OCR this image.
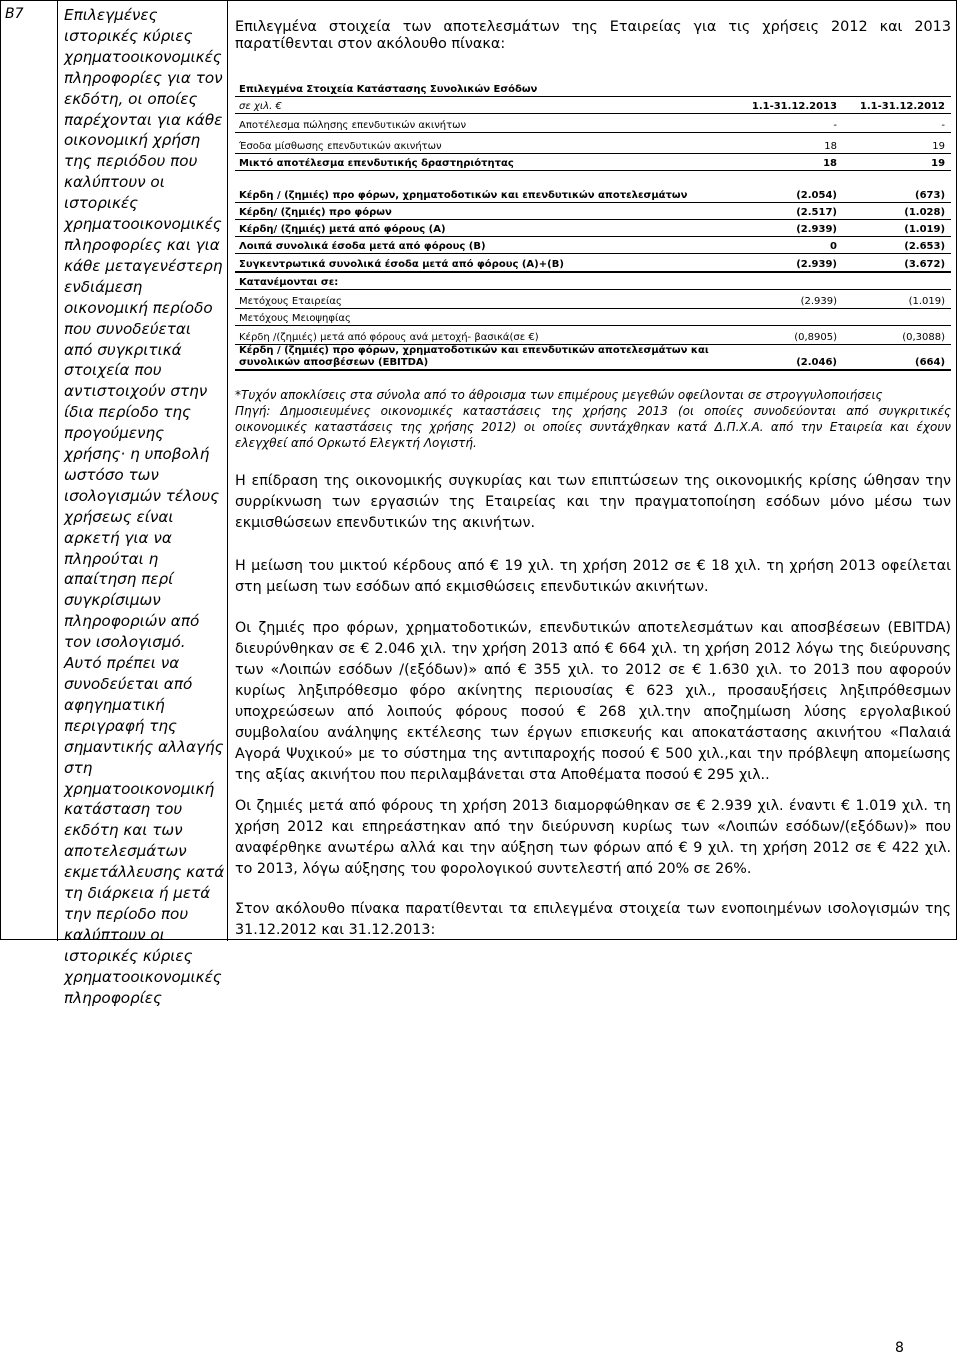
B7	Επιλεγμένες
ιστορικές κύριες
χρηματοοικονομικές
πληροφορίες για τον
εκδότη, οι οποίες
παρέχονται για κάθε
οικονομική χρήση
της περιόδου που
καλύπτουν οι
ιστορικές
χρηματοοικονομικές
πληροφορίες και για
κάθε μεταγενέστερη
ενδιάμεση
οικονομική περίοδο
που συνοδεύεται
από συγκριτικά
στοιχεία που
αντιστοιχούν στην
ίδια περίοδο της
προγούμενης
χρήσης· η υποβολή
ωστόσο των
ισολογισμών τέλους
χρήσεως είναι
αρκετή για να
πληρούται η
απαίτηση περί
συγκρίσιμων
πληροφοριών από
τον ισολογισμό.
Αυτό πρέπει να
συνοδεύεται από
αφηγηματική
περιγραφή της
σημαντικής αλλαγής
στη
χρηματοοικονομική
κατάσταση του
εκδότη και των
αποτελεσμάτων
εκμετάλλευσης κατά
τη διάρκεια ή μετά
την περίοδο που
καλύπτουν οι
ιστορικές κύριες
χρηματοοικονομικές
πληροφορίες

Επιλεγμένα στοιχεία των αποτελεσμάτων της Εταιρείας για τις χρήσεις 2012 και 2013 παρατίθενται στον ακόλουθο πίνακα:
Επιλεγμένα Στοιχεία Κατάστασης Συνολικών Εσόδων		
σε χιλ. €	1.1-31.12.2013	1.1-31.12.2012
Αποτέλεσμα πώλησης επενδυτικών ακινήτων	-	-
Έσοδα μίσθωσης επενδυτικών ακινήτων	18	19
Μικτό αποτέλεσμα επενδυτικής δραστηριότητας	18	19
Κέρδη / (ζημιές) προ φόρων, χρηματοδοτικών και επενδυτικών αποτελεσμάτων	(2.054)	(673)
Κέρδη/ (ζημιές) προ φόρων	(2.517)	(1.028)
Κέρδη/ (ζημιές) μετά από φόρους (Α)	(2.939)	(1.019)
Λοιπά συνολικά έσοδα μετά από φόρους (Β)	0	(2.653)
Συγκεντρωτικά συνολικά έσοδα μετά από φόρους (Α)+(Β)	(2.939)	(3.672)
Κατανέμονται σε:		
Μετόχους Εταιρείας	(2.939)	(1.019)
Μετόχους Μειοψηφίας		
Κέρδη /(ζημιές) μετά από φόρους ανά μετοχή- βασικά(σε €)	(0,8905)	(0,3088)
Κέρδη / (ζημιές) προ φόρων, χρηματοδοτικών και επενδυτικών αποτελεσμάτων και συνολικών αποσβέσεων (EBITDA)	(2.046)	(664)
*Τυχόν αποκλίσεις στα σύνολα από το άθροισμα των επιμέρους μεγεθών οφείλονται σε στρογγυλοποιήσεις
Πηγή: Δημοσιευμένες οικονομικές καταστάσεις της χρήσης 2013 (οι οποίες συνοδεύονται από συγκριτικές οικονομικές καταστάσεις της χρήσης 2012) οι οποίες συντάχθηκαν κατά Δ.Π.Χ.Α. από την Εταιρεία και έχουν ελεγχθεί από Ορκωτό Ελεγκτή Λογιστή.
Η επίδραση της οικονομικής συγκυρίας και των επιπτώσεων της οικονομικής κρίσης ώθησαν την συρρίκνωση των εργασιών της Εταιρείας και την πραγματοποίηση εσόδων μόνο μέσω των εκμισθώσεων επενδυτικών της ακινήτων.
Η μείωση του μικτού κέρδους από € 19 χιλ. τη χρήση 2012 σε € 18 χιλ. τη χρήση 2013 οφείλεται στη μείωση των εσόδων από εκμισθώσεις επενδυτικών ακινήτων.
Οι ζημιές προ φόρων, χρηματοδοτικών, επενδυτικών αποτελεσμάτων και αποσβέσεων (EBITDA) διευρύνθηκαν σε € 2.046 χιλ. την χρήση 2013 από € 664 χιλ. τη χρήση 2012 λόγω της διεύρυνσης των «Λοιπών εσόδων /(εξόδων)» από € 355 χιλ. το 2012 σε € 1.630 χιλ. το 2013 που αφορούν κυρίως ληξιπρόθεσμο φόρο ακίνητης περιουσίας € 623 χιλ., προσαυξήσεις ληξιπρόθεσμων υποχρεώσεων από λοιπούς φόρους ποσού € 268 χιλ.την αποζημίωση λύσης εργολαβικού συμβολαίου ανάληψης εκτέλεσης των έργων επισκευής και αποκατάστασης ακινήτου «Παλαιά Αγορά Ψυχικού» με το σύστημα της αντιπαροχής ποσού € 500 χιλ.,και την πρόβλεψη απομείωσης της αξίας ακινήτου που περιλαμβάνεται στα Αποθέματα ποσού € 295 χιλ..
Οι ζημιές μετά από φόρους τη χρήση 2013 διαμορφώθηκαν σε € 2.939 χιλ. έναντι € 1.019 χιλ. τη χρήση 2012 και επηρεάστηκαν από την διεύρυνση κυρίως των «Λοιπών εσόδων/(εξόδων)» που αναφέρθηκε ανωτέρω αλλά και την αύξηση των φόρων από € 9 χιλ. τη χρήση 2012 σε € 422 χιλ. το 2013, λόγω αύξησης του φορολογικού συντελεστή από 20% σε 26%.
Στον ακόλουθο πίνακα παρατίθενται τα επιλεγμένα στοιχεία των ενοποιημένων ισολογισμών της 31.12.2012 και 31.12.2013:
8
